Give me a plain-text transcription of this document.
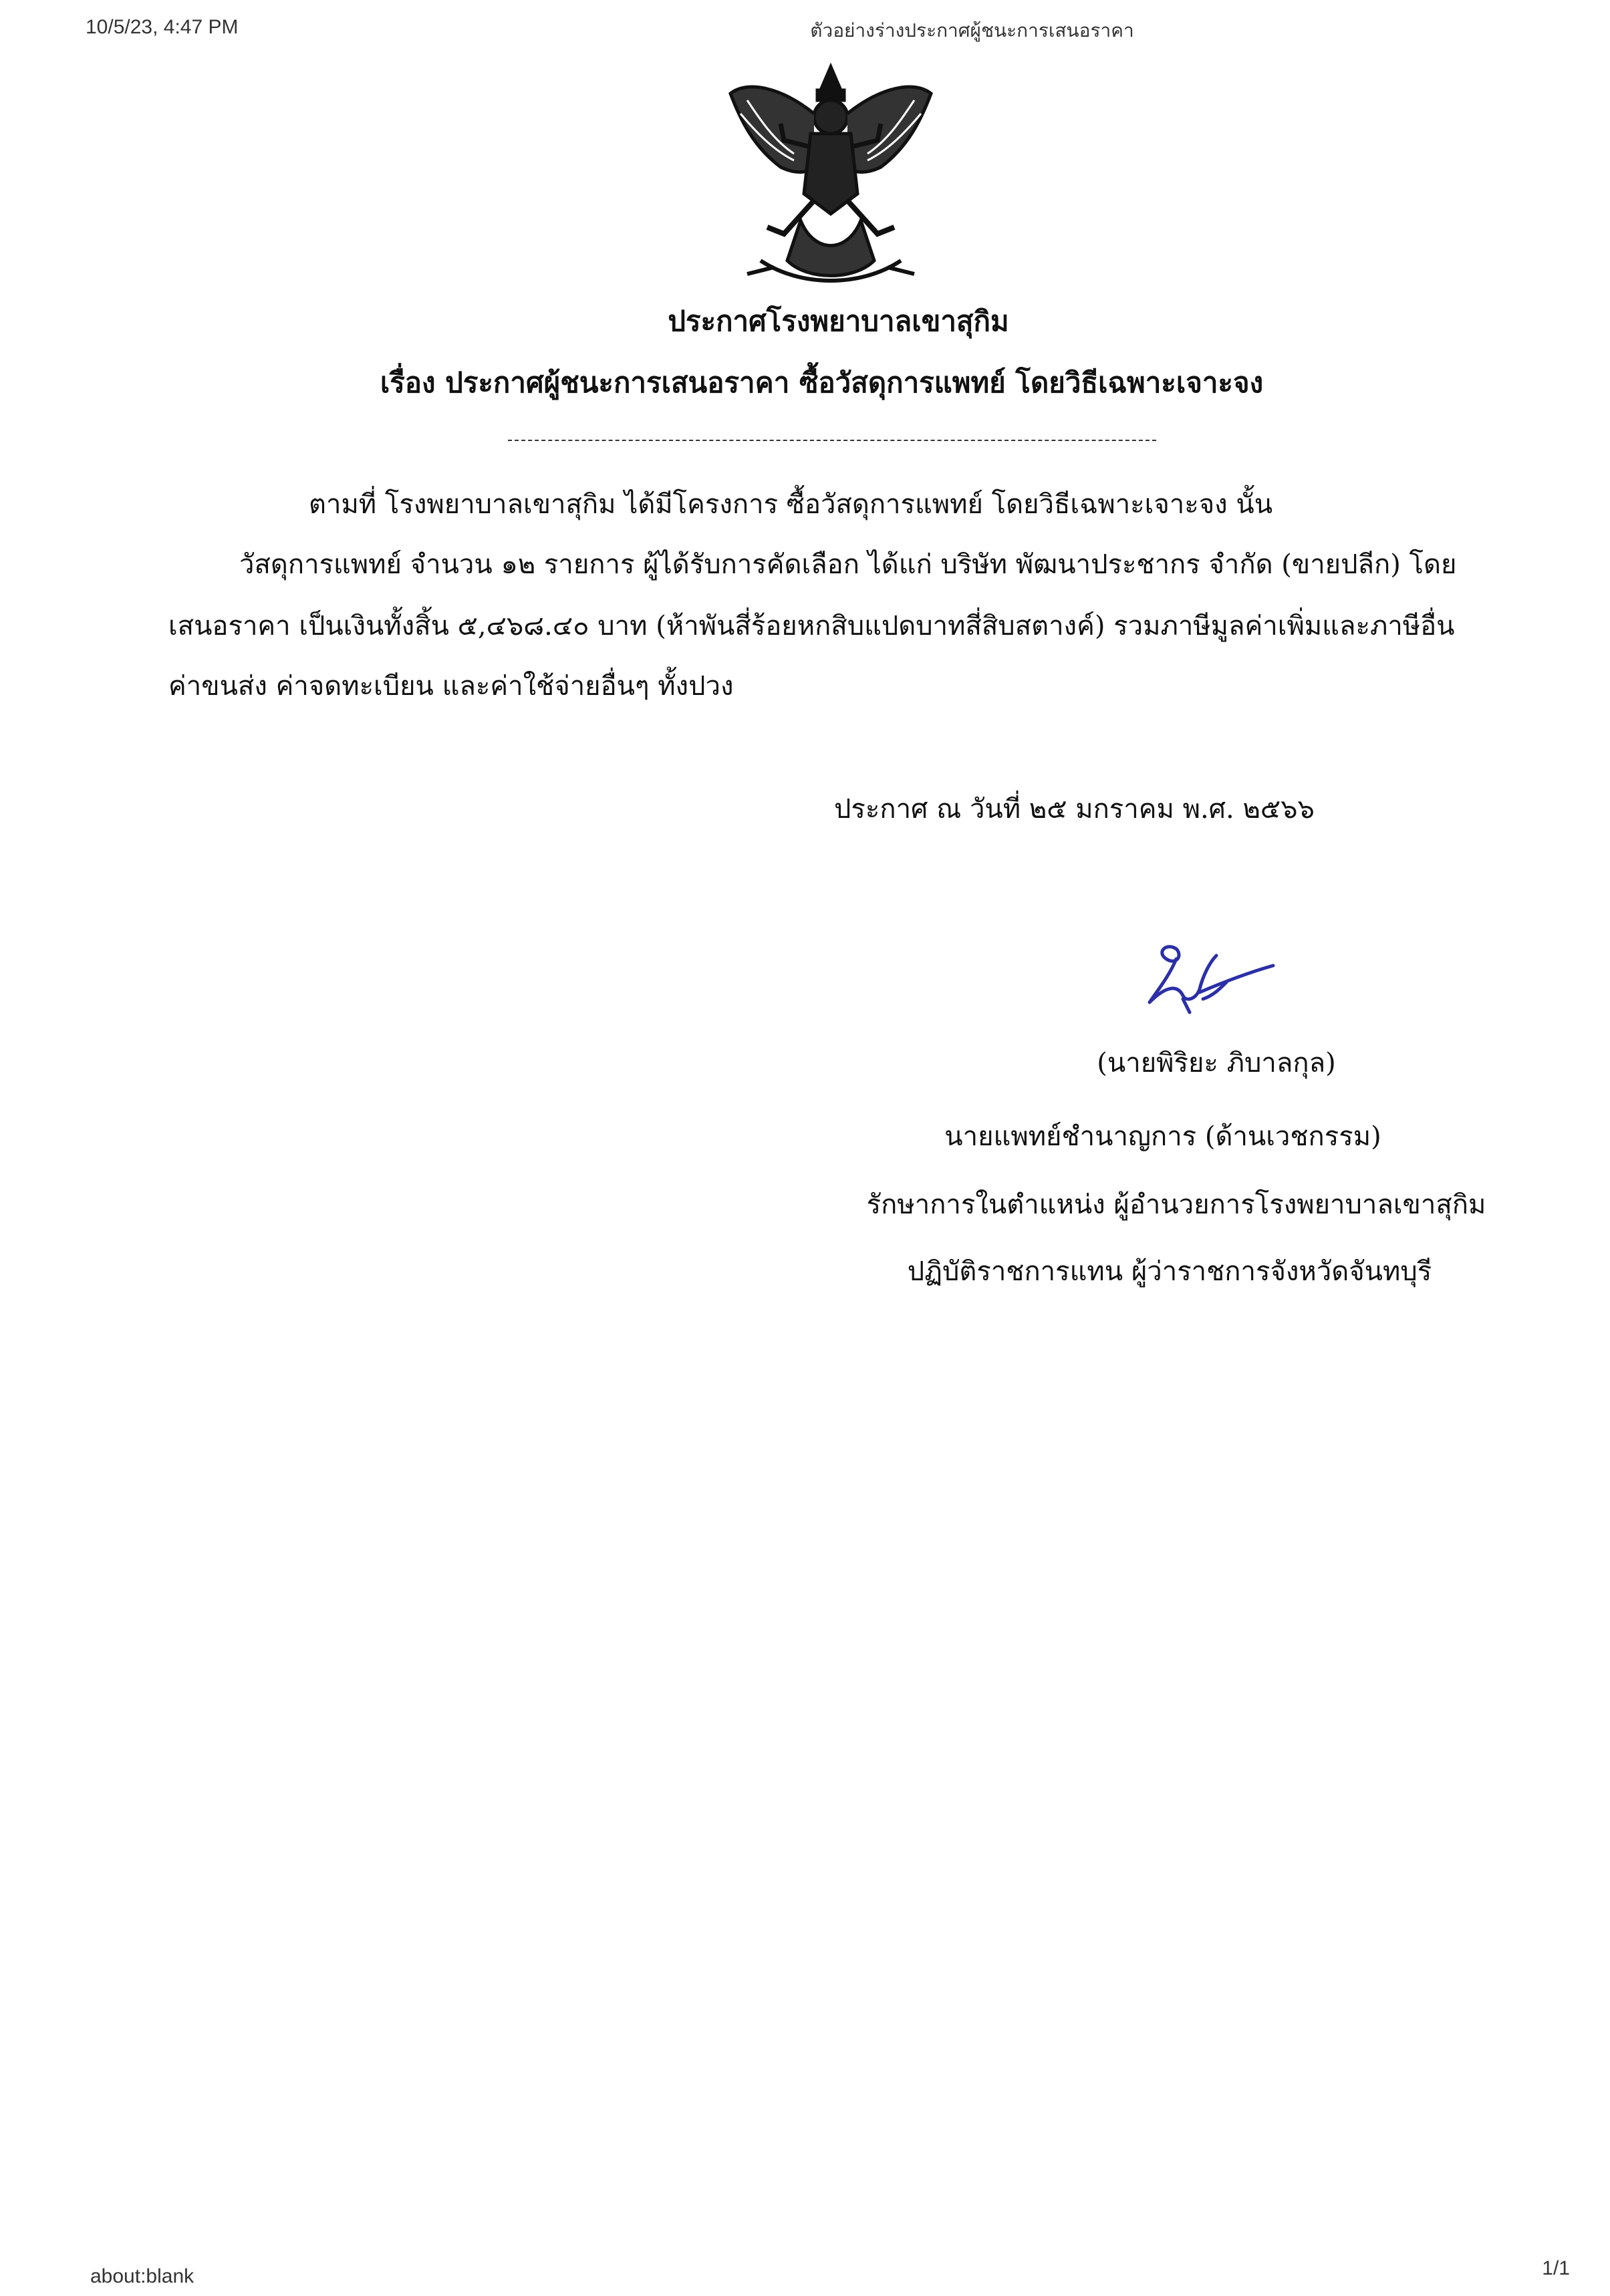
10/5/23, 4:47 PM	ตัวอย่างร่างประกาศผู้ชนะการเสนอราคา
ประกาศโรงพยาบาลเขาสุกิม
เรื่อง ประกาศผู้ชนะการเสนอราคา ซื้อวัสดุการแพทย์ โดยวิธีเฉพาะเจาะจง
ตามที่ โรงพยาบาลเขาสุกิม ได้มีโครงการ ซื้อวัสดุการแพทย์ โดยวิธีเฉพาะเจาะจง นั้น
วัสดุการแพทย์ จำนวน ๑๒ รายการ ผู้ได้รับการคัดเลือก ได้แก่ บริษัท พัฒนาประชากร จำกัด (ขายปลีก) โดย
เสนอราคา เป็นเงินทั้งสิ้น ๕,๔๖๘.๔๐ บาท (ห้าพันสี่ร้อยหกสิบแปดบาทสี่สิบสตางค์) รวมภาษีมูลค่าเพิ่มและภาษีอื่น
ค่าขนส่ง ค่าจดทะเบียน และค่าใช้จ่ายอื่นๆ ทั้งปวง
ประกาศ ณ วันที่ ๒๕ มกราคม พ.ศ. ๒๕๖๖
(นายพิริยะ ภิบาลกุล)
นายแพทย์ชำนาญการ (ด้านเวชกรรม)
รักษาการในตำแหน่ง ผู้อำนวยการโรงพยาบาลเขาสุกิม
ปฏิบัติราชการแทน ผู้ว่าราชการจังหวัดจันทบุรี
about:blank	1/1
